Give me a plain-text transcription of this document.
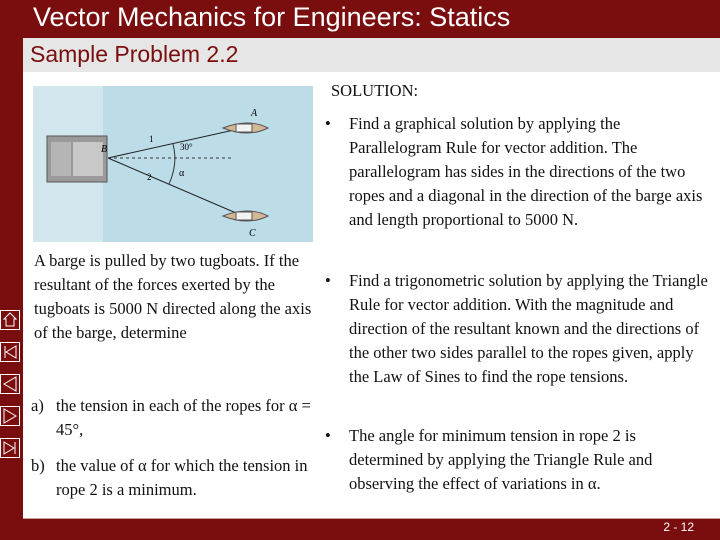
Vector Mechanics for Engineers: Statics
Sample Problem 2.2
A
B
C
1
2
30°
α
A barge is pulled by two tugboats. If the resultant of the forces exerted by the tugboats is 5000 N directed along the axis of the barge, determine
a) the tension in each of the ropes for α = 45°,
b) the value of α for which the tension in rope 2 is a minimum.
SOLUTION:
• Find a graphical solution by applying the Parallelogram Rule for vector addition. The parallelogram has sides in the directions of the two ropes and a diagonal in the direction of the barge axis and length proportional to 5000 N.
• Find a trigonometric solution by applying the Triangle Rule for vector addition. With the magnitude and direction of the resultant known and the directions of the other two sides parallel to the ropes given, apply the Law of Sines to find the rope tensions.
• The angle for minimum tension in rope 2 is determined by applying the Triangle Rule and observing the effect of variations in α.
2 - 12
